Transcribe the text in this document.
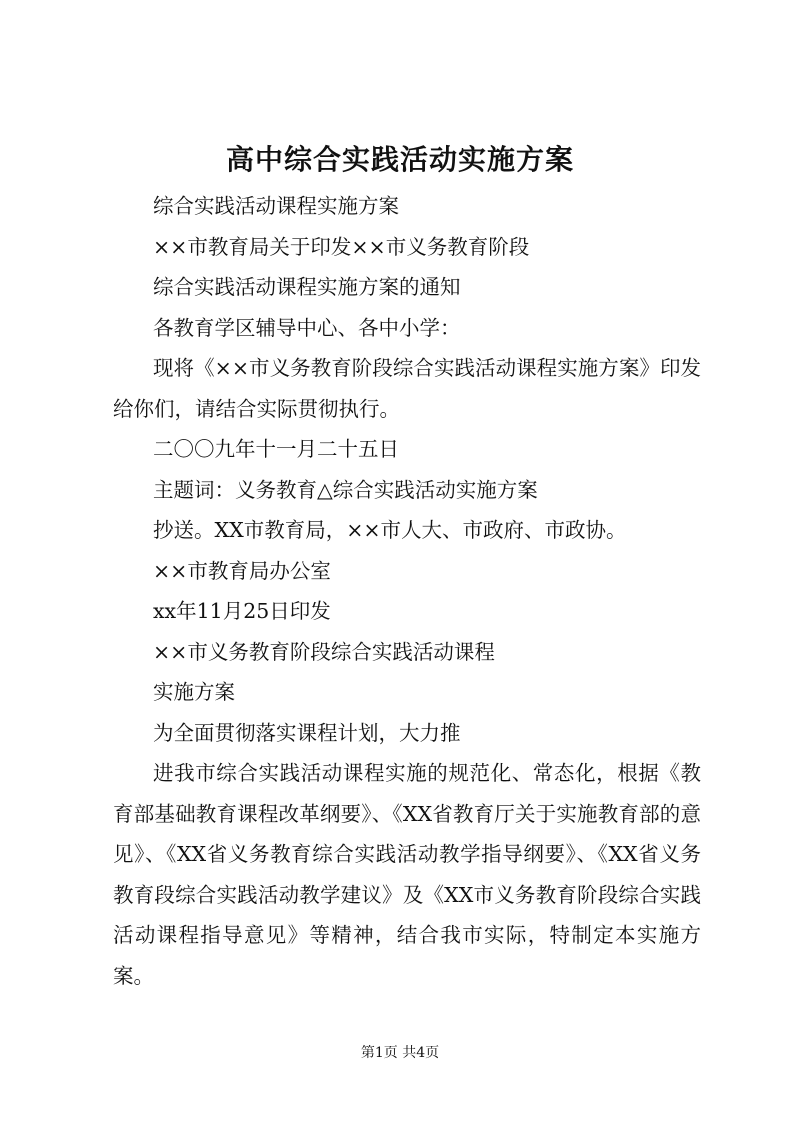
高中综合实践活动实施方案

综合实践活动课程实施方案

××市教育局关于印发××市义务教育阶段

综合实践活动课程实施方案的通知

各教育学区辅导中心、各中小学：

现将《××市义务教育阶段综合实践活动课程实施方案》印发给你们，请结合实际贯彻执行。

二〇〇九年十一月二十五日

主题词：义务教育△综合实践活动实施方案

抄送。XX市教育局，××市人大、市政府、市政协。

××市教育局办公室

xx年11月25日印发

××市义务教育阶段综合实践活动课程

实施方案

为全面贯彻落实课程计划，大力推

进我市综合实践活动课程实施的规范化、常态化，根据《教育部基础教育课程改革纲要》、《XX省教育厅关于实施教育部的意见》、《XX省义务教育综合实践活动教学指导纲要》、《XX省义务教育段综合实践活动教学建议》及《XX市义务教育阶段综合实践活动课程指导意见》等精神，结合我市实际，特制定本实施方案。

第1页 共4页
